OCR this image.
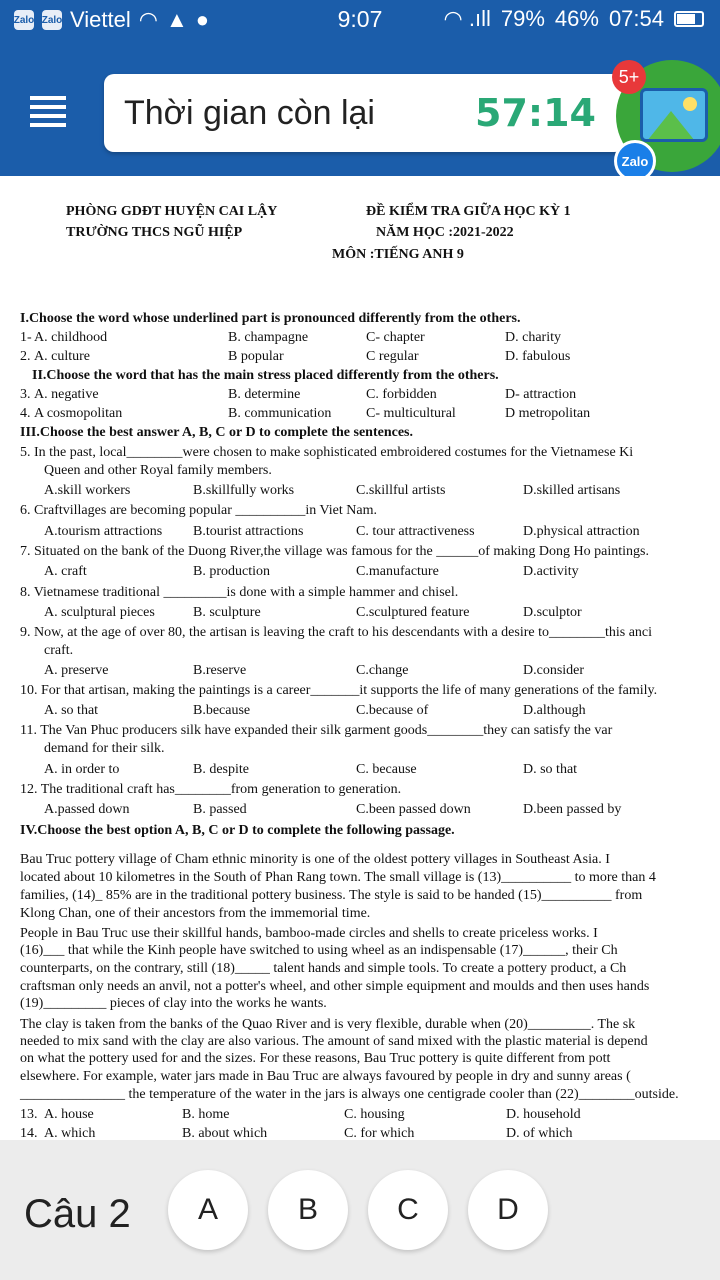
Zalo Zalo Viettel ◠ ▲ ●	9:07	◠ .ıll 79% 46% 07:54
Thời gian còn lại	57:14
5+
Zalo
PHÒNG GDĐT HUYỆN CAI LẬY
TRƯỜNG THCS NGŨ HIỆP
ĐỀ KIỂM TRA GIỮA HỌC KỲ 1
NĂM HỌC :2021-2022
MÔN :TIẾNG ANH 9
I.Choose the word whose underlined part is pronounced differently from the others.
1- A. childhood	B. champagne	C- chapter	D. charity
2. A. culture	B popular	C regular	D. fabulous
II.Choose the word that has the main stress placed differently from the others.
3. A. negative	B. determine	C. forbidden	D- attraction
4. A cosmopolitan	B. communication C- multicultural	D metropolitan
III.Choose the best answer A, B, C or D to complete the sentences.
5. In the past, local________were chosen to make sophisticated embroidered costumes for the Vietnamese Ki
Queen and other Royal family members.
A.skill workers	B.skillfully works	C.skillful artists	D.skilled artisans
6. Craftvillages are becoming popular __________in Viet Nam.
A.tourism attractions B.tourist attractions	C. tour attractiveness	D.physical attraction
7. Situated on the bank of the Duong River,the village was famous for the ______of making Dong Ho paintings.
A. craft	B. production	C.manufacture	D.activity
8. Vietnamese traditional _________is done with a simple hammer and chisel.
A. sculptural pieces	B. sculpture	C.sculptured feature	D.sculptor
9. Now, at the age of over 80, the artisan is leaving the craft to his descendants with a desire to________this anci
craft.
A. preserve	B.reserve	C.change	D.consider
10. For that artisan, making the paintings is a career_______it supports the life of many generations of the family.
A. so that	B.because	C.because of	D.although
11. The Van Phuc producers silk have expanded their silk garment goods________they can satisfy the var
demand for their silk.
A. in order to	B. despite	C. because	D. so that
12. The traditional craft has________from generation to generation.
A.passed down	B. passed	C.been passed down	D.been passed by
IV.Choose the best option A, B, C or D to complete the following passage.
Bau Truc pottery village of Cham ethnic minority is one of the oldest pottery villages in Southeast Asia. I
located about 10 kilometres in the South of Phan Rang town. The small village is (13)__________ to more than 4
families, (14)_ 85% are in the traditional pottery business. The style is said to be handed (15)__________ from
Klong Chan, one of their ancestors from the immemorial time.
People in Bau Truc use their skillful hands, bamboo-made circles and shells to create priceless works. I
(16)___ that while the Kinh people have switched to using wheel as an indispensable (17)______, their Ch
counterparts, on the contrary, still (18)_____ talent hands and simple tools. To create a pottery product, a Ch
craftsman only needs an anvil, not a potter's wheel, and other simple equipment and moulds and then uses hands
(19)_________ pieces of clay into the works he wants.
The clay is taken from the banks of the Quao River and is very flexible, durable when (20)_________. The sk
needed to mix sand with the clay are also various. The amount of sand mixed with the plastic material is depend
on what the pottery used for and the sizes. For these reasons, Bau Truc pottery is quite different from pott
elsewhere. For example, water jars made in Bau Truc are always favoured by people in dry and sunny areas (
_______________ the temperature of the water in the jars is always one centigrade cooler than (22)________outside.
13. A. house	B. home	C. housing	D. household
14. A. which	B. about which	C. for which	D. of which
Câu 2	A	B	C	D
